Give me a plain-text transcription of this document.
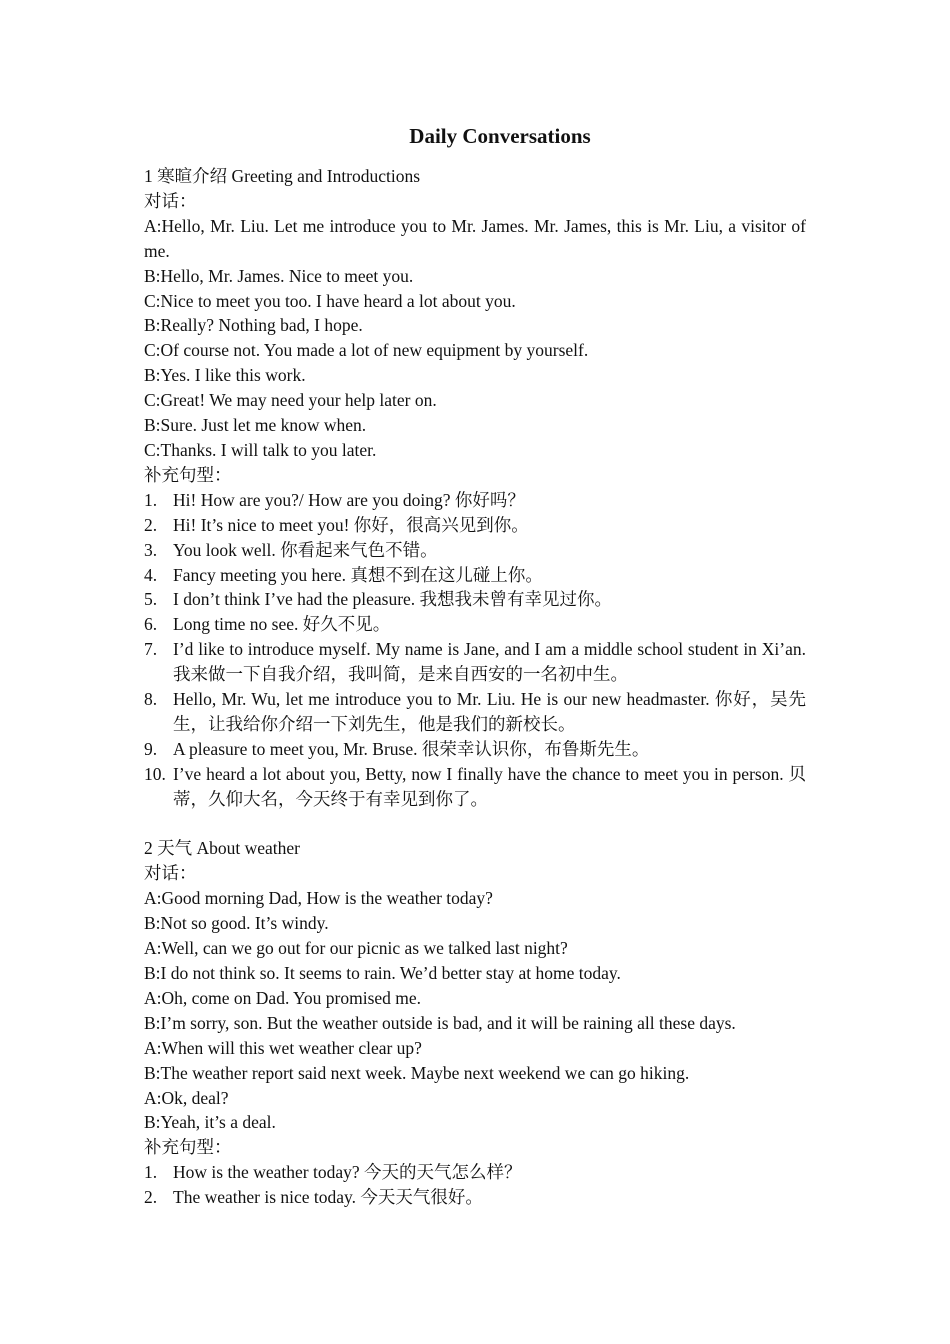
Daily Conversations

1 寒暄介绍 Greeting and Introductions

对话：

A:Hello, Mr. Liu. Let me introduce you to Mr. James. Mr. James, this is Mr. Liu, a visitor of me.

B:Hello, Mr. James. Nice to meet you.

C:Nice to meet you too. I have heard a lot about you.

B:Really? Nothing bad, I hope.

C:Of course not. You made a lot of new equipment by yourself.

B:Yes. I like this work.

C:Great! We may need your help later on.

B:Sure. Just let me know when.

C:Thanks. I will talk to you later.

补充句型：

1. Hi! How are you?/ How are you doing? 你好吗？
2. Hi! It’s nice to meet you! 你好，很高兴见到你。
3. You look well. 你看起来气色不错。
4. Fancy meeting you here. 真想不到在这儿碰上你。
5. I don’t think I’ve had the pleasure. 我想我未曾有幸见过你。
6. Long time no see. 好久不见。
7. I’d like to introduce myself. My name is Jane, and I am a middle school student in Xi’an. 我来做一下自我介绍，我叫简，是来自西安的一名初中生。
8. Hello, Mr. Wu, let me introduce you to Mr. Liu. He is our new headmaster. 你好，吴先生，让我给你介绍一下刘先生，他是我们的新校长。
9. A pleasure to meet you, Mr. Bruse. 很荣幸认识你，布鲁斯先生。
10. I’ve heard a lot about you, Betty, now I finally have the chance to meet you in person. 贝蒂，久仰大名，今天终于有幸见到你了。

2 天气 About weather

对话：

A:Good morning Dad, How is the weather today?

B:Not so good. It’s windy.

A:Well, can we go out for our picnic as we talked last night?

B:I do not think so. It seems to rain. We’d better stay at home today.

A:Oh, come on Dad. You promised me.

B:I’m sorry, son. But the weather outside is bad, and it will be raining all these days.

A:When will this wet weather clear up?

B:The weather report said next week. Maybe next weekend we can go hiking.

A:Ok, deal?

B:Yeah, it’s a deal.

补充句型：

1. How is the weather today? 今天的天气怎么样？
2. The weather is nice today. 今天天气很好。
